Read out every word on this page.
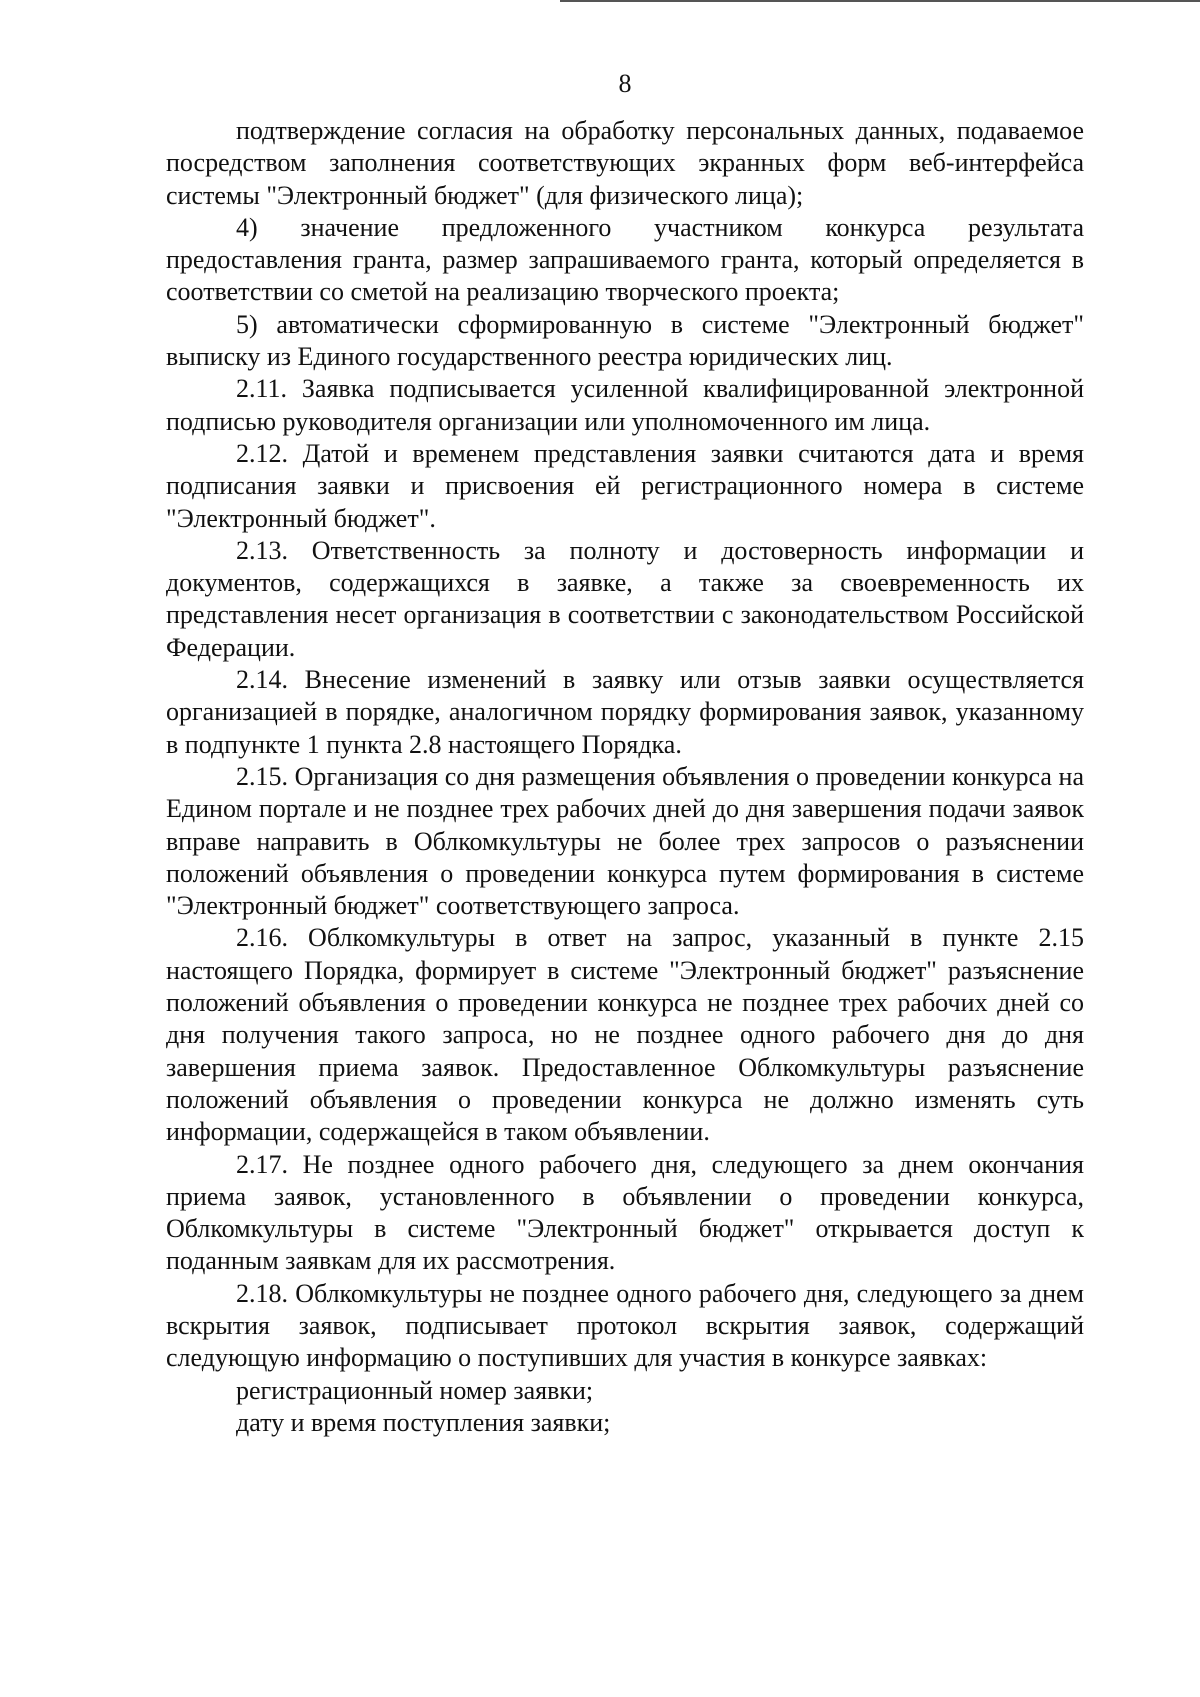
8

подтверждение согласия на обработку персональных данных, подаваемое посредством заполнения соответствующих экранных форм веб-интерфейса системы "Электронный бюджет" (для физического лица);

4) значение предложенного участником конкурса результата предоставления гранта, размер запрашиваемого гранта, который определяется в соответствии со сметой на реализацию творческого проекта;

5) автоматически сформированную в системе "Электронный бюджет" выписку из Единого государственного реестра юридических лиц.

2.11. Заявка подписывается усиленной квалифицированной электронной подписью руководителя организации или уполномоченного им лица.

2.12. Датой и временем представления заявки считаются дата и время подписания заявки и присвоения ей регистрационного номера в системе "Электронный бюджет".

2.13. Ответственность за полноту и достоверность информации и документов, содержащихся в заявке, а также за своевременность их представления несет организация в соответствии с законодательством Российской Федерации.

2.14. Внесение изменений в заявку или отзыв заявки осуществляется организацией в порядке, аналогичном порядку формирования заявок, указанному в подпункте 1 пункта 2.8 настоящего Порядка.

2.15. Организация со дня размещения объявления о проведении конкурса на Едином портале и не позднее трех рабочих дней до дня завершения подачи заявок вправе направить в Облкомкультуры не более трех запросов о разъяснении положений объявления о проведении конкурса путем формирования в системе "Электронный бюджет" соответствующего запроса.

2.16. Облкомкультуры в ответ на запрос, указанный в пункте 2.15 настоящего Порядка, формирует в системе "Электронный бюджет" разъяснение положений объявления о проведении конкурса не позднее трех рабочих дней со дня получения такого запроса, но не позднее одного рабочего дня до дня завершения приема заявок. Предоставленное Облкомкультуры разъяснение положений объявления о проведении конкурса не должно изменять суть информации, содержащейся в таком объявлении.

2.17. Не позднее одного рабочего дня, следующего за днем окончания приема заявок, установленного в объявлении о проведении конкурса, Облкомкультуры в системе "Электронный бюджет" открывается доступ к поданным заявкам для их рассмотрения.

2.18. Облкомкультуры не позднее одного рабочего дня, следующего за днем вскрытия заявок, подписывает протокол вскрытия заявок, содержащий следующую информацию о поступивших для участия в конкурсе заявках:

регистрационный номер заявки;

дату и время поступления заявки;
